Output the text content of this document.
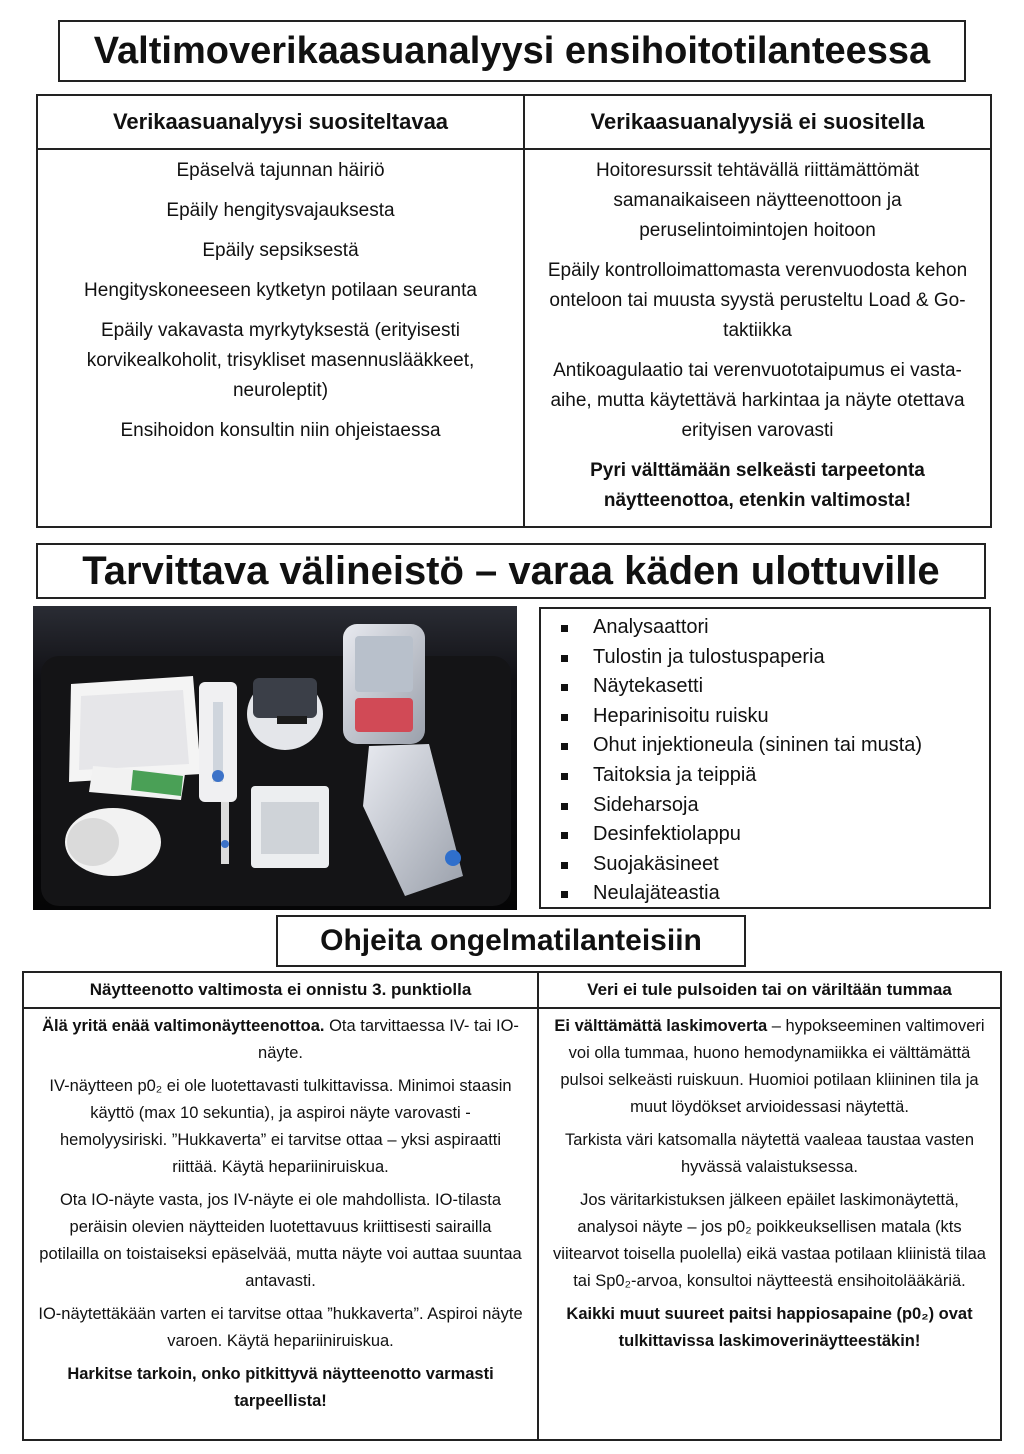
Valtimoverikaasuanalyysi ensihoitotilanteessa
Verikaasuanalyysi suositeltavaa

Epäselvä tajunnan häiriö

Epäily hengitysvajauksesta

Epäily sepsiksestä

Hengityskoneeseen kytketyn potilaan seuranta

Epäily vakavasta myrkytyksestä (erityisesti korvikealkoholit, trisykliset masennuslääkkeet, neuroleptit)

Ensihoidon konsultin niin ohjeistaessa

Verikaasuanalyysiä ei suositella

Hoitoresurssit tehtävällä riittämättömät samanaikaiseen näytteenottoon ja peruselintoimintojen hoitoon

Epäily kontrolloimattomasta verenvuodosta kehon onteloon tai muusta syystä perusteltu Load & Go-taktiikka

Antikoagulaatio tai verenvuototaipumus ei vasta-aihe, mutta käytettävä harkintaa ja näyte otettava erityisen varovasti

Pyri välttämään selkeästi tarpeetonta näytteenottoa, etenkin valtimosta!

Tarvittava välineistö – varaa käden ulottuville
Analysaattori
Tulostin ja tulostuspaperia
Näytekasetti
Heparinisoitu ruisku
Ohut injektioneula (sininen tai musta)
Taitoksia ja teippiä
Sideharsoja
Desinfektiolappu
Suojakäsineet
Neulajäteastia
Ohjeita ongelmatilanteisiin
Näytteenotto valtimosta ei onnistu 3. punktiolla

Älä yritä enää valtimonäytteenottoa. Ota tarvittaessa IV- tai IO-näyte.

IV-näytteen p0₂ ei ole luotettavasti tulkittavissa. Minimoi staasin käyttö (max 10 sekuntia), ja aspiroi näyte varovasti - hemolyysiriski. ”Hukkaverta” ei tarvitse ottaa – yksi aspiraatti riittää. Käytä hepariiniruiskua.

Ota IO-näyte vasta, jos IV-näyte ei ole mahdollista. IO-tilasta peräisin olevien näytteiden luotettavuus kriittisesti sairailla potilailla on toistaiseksi epäselvää, mutta näyte voi auttaa suuntaa antavasti.

IO-näytettäkään varten ei tarvitse ottaa ”hukkaverta”. Aspiroi näyte varoen. Käytä hepariiniruiskua.

Harkitse tarkoin, onko pitkittyvä näytteenotto varmasti tarpeellista!

Veri ei tule pulsoiden tai on väriltään tummaa

Ei välttämättä laskimoverta – hypokseeminen valtimoveri voi olla tummaa, huono hemodynamiikka ei välttämättä pulsoi selkeästi ruiskuun. Huomioi potilaan kliininen tila ja muut löydökset arvioidessasi näytettä.

Tarkista väri katsomalla näytettä vaaleaa taustaa vasten hyvässä valaistuksessa.

Jos väritarkistuksen jälkeen epäilet laskimonäytettä, analysoi näyte – jos p0₂ poikkeuksellisen matala (kts viitearvot toisella puolella) eikä vastaa potilaan kliinistä tilaa tai Sp0₂-arvoa, konsultoi näytteestä ensihoitolääkäriä.

Kaikki muut suureet paitsi happiosapaine (p0₂) ovat tulkittavissa laskimoverinäytteestäkin!
